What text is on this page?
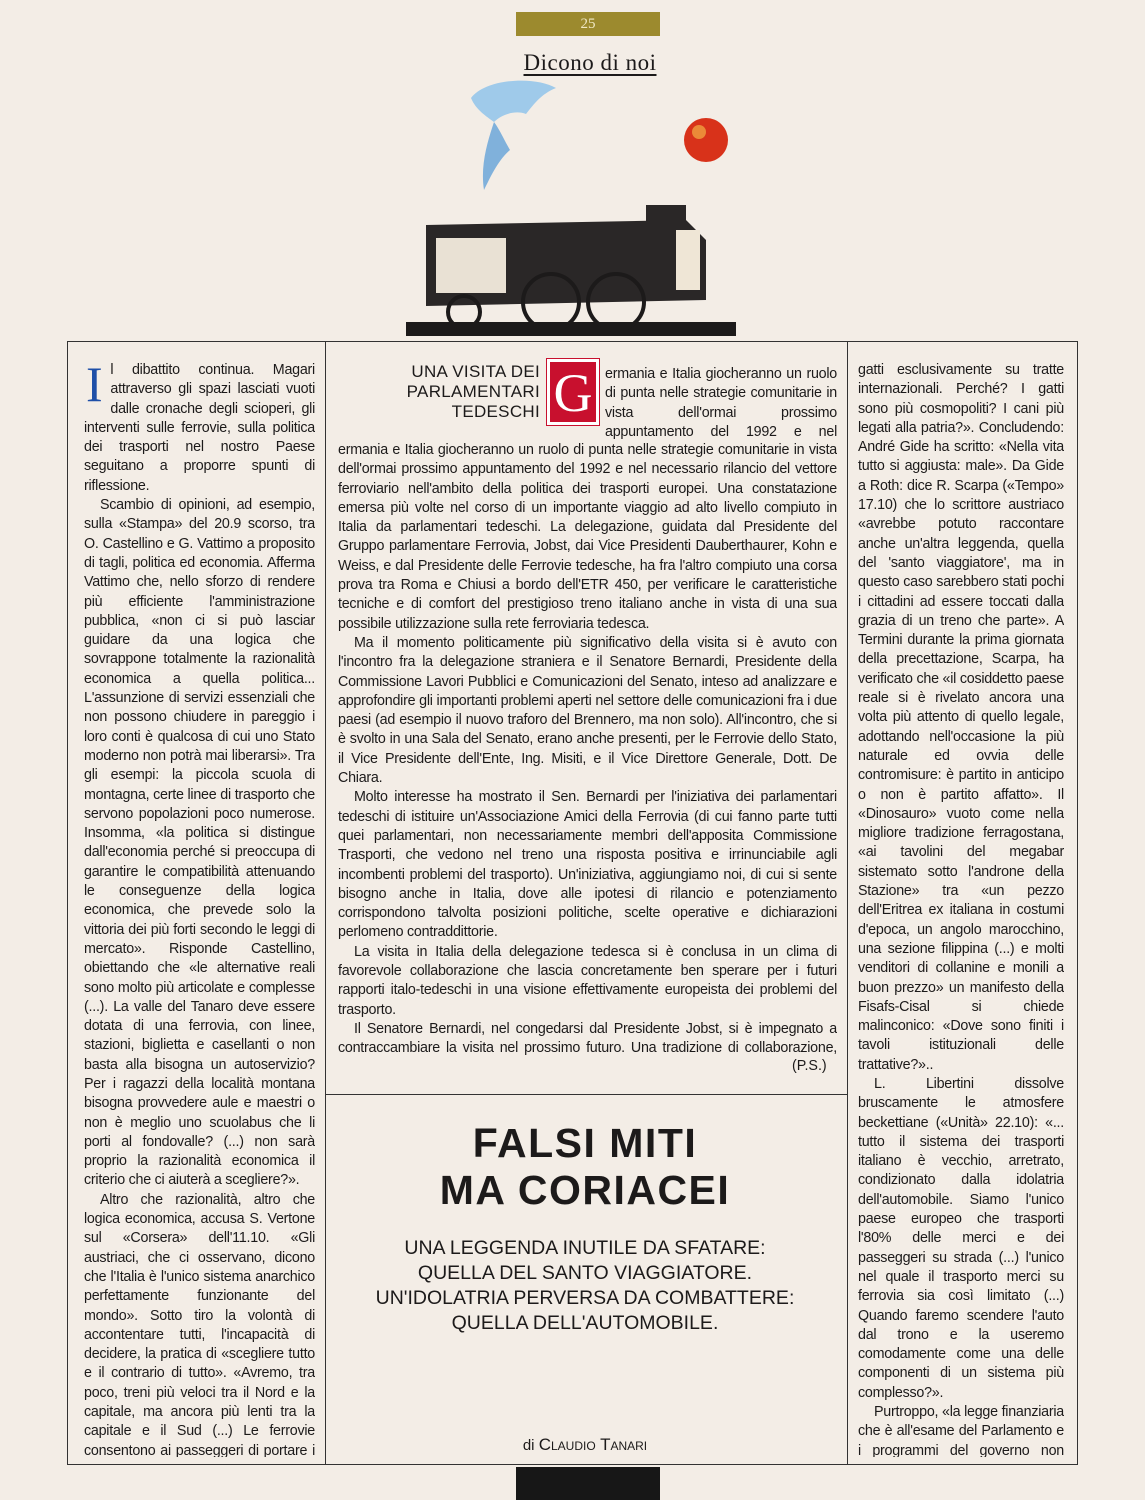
25
Dicono di noi

Il dibattito continua. Magari attraverso gli spazi lasciati vuoti dalle cronache degli scioperi, gli interventi sulle ferrovie, sulla politica dei trasporti nel nostro Paese seguitano a proporre spunti di riflessione.

Scambio di opinioni, ad esempio, sulla «Stampa» del 20.9 scorso, tra O. Castellino e G. Vattimo a proposito di tagli, politica ed economia. Afferma Vattimo che, nello sforzo di rendere più efficiente l'amministrazione pubblica, «non ci si può lasciar guidare da una logica che sovrappone totalmente la razionalità economica a quella politica... L'assunzione di servizi essenziali che non possono chiudere in pareggio i loro conti è qualcosa di cui uno Stato moderno non potrà mai liberarsi». Tra gli esempi: la piccola scuola di montagna, certe linee di trasporto che servono popolazioni poco numerose. Insomma, «la politica si distingue dall'economia perché si preoccupa di garantire le compatibilità attenuando le conseguenze della logica economica, che prevede solo la vittoria dei più forti secondo le leggi di mercato». Risponde Castellino, obiettando che «le alternative reali sono molto più articolate e complesse (...). La valle del Tanaro deve essere dotata di una ferrovia, con linee, stazioni, biglietta e casellanti o non basta alla bisogna un autoservizio? Per i ragazzi della località montana bisogna provvedere aule e maestri o non è meglio uno scuolabus che li porti al fondovalle? (...) non sarà proprio la razionalità economica il criterio che ci aiuterà a scegliere?».

Altro che razionalità, altro che logica economica, accusa S. Vertone sul «Corsera» dell'11.10. «Gli austriaci, che ci osservano, dicono che l'Italia è l'unico sistema anarchico perfettamente funzionante del mondo». Sotto tiro la volontà di accontentare tutti, l'incapacità di decidere, la pratica di «scegliere tutto e il contrario di tutto». «Avremo, tra poco, treni più veloci tra il Nord e la capitale, ma ancora più lenti tra la capitale e il Sud (...) Le ferrovie consentono ai passeggeri di portare i

UNA VISITA DEI PARLAMENTARI TEDESCHI G ermania e Italia giocheranno un ruolo di punta nelle strategie comunitarie in vista dell'ormai prossimo appuntamento del 1992 e nel

ermania e Italia giocheranno un ruolo di punta nelle strategie comunitarie in vista dell'ormai prossimo appuntamento del 1992 e nel necessario rilancio del vettore ferroviario nell'ambito della politica dei trasporti europei. Una constatazione emersa più volte nel corso di un importante viaggio ad alto livello compiuto in Italia da parlamentari tedeschi. La delegazione, guidata dal Presidente del Gruppo parlamentare Ferrovia, Jobst, dai Vice Presidenti Dauberthaurer, Kohn e Weiss, e dal Presidente delle Ferrovie tedesche, ha fra l'altro compiuto una corsa prova tra Roma e Chiusi a bordo dell'ETR 450, per verificare le caratteristiche tecniche e di comfort del prestigioso treno italiano anche in vista di una sua possibile utilizzazione sulla rete ferroviaria tedesca.

Ma il momento politicamente più significativo della visita si è avuto con l'incontro fra la delegazione straniera e il Senatore Bernardi, Presidente della Commissione Lavori Pubblici e Comunicazioni del Senato, inteso ad analizzare e approfondire gli importanti problemi aperti nel settore delle comunicazioni fra i due paesi (ad esempio il nuovo traforo del Brennero, ma non solo). All'incontro, che si è svolto in una Sala del Senato, erano anche presenti, per le Ferrovie dello Stato, il Vice Presidente dell'Ente, Ing. Misiti, e il Vice Direttore Generale, Dott. De Chiara.

Molto interesse ha mostrato il Sen. Bernardi per l'iniziativa dei parlamentari tedeschi di istituire un'Associazione Amici della Ferrovia (di cui fanno parte tutti quei parlamentari, non necessariamente membri dell'apposita Commissione Trasporti, che vedono nel treno una risposta positiva e irrinunciabile agli incombenti problemi del trasporto). Un'iniziativa, aggiungiamo noi, di cui si sente bisogno anche in Italia, dove alle ipotesi di rilancio e potenziamento corrispondono talvolta posizioni politiche, scelte operative e dichiarazioni perlomeno contraddittorie.

La visita in Italia della delegazione tedesca si è conclusa in un clima di favorevole collaborazione che lascia concretamente ben sperare per i futuri rapporti italo-tedeschi in una visione effettivamente europeista dei problemi del trasporto.

Il Senatore Bernardi, nel congedarsi dal Presidente Jobst, si è impegnato a contraccambiare la visita nel prossimo futuro. Una tradizione di collaborazione,

(P.S.)
FALSI MITI
MA CORIACEI
UNA LEGGENDA INUTILE DA SFATARE:
QUELLA DEL SANTO VIAGGIATORE.
UN'IDOLATRIA PERVERSA DA COMBATTERE:
QUELLA DELL'AUTOMOBILE.
di Claudio Tanari

gatti esclusivamente su tratte internazionali. Perché? I gatti sono più cosmopoliti? I cani più legati alla patria?». Concludendo: André Gide ha scritto: «Nella vita tutto si aggiusta: male». Da Gide a Roth: dice R. Scarpa («Tempo» 17.10) che lo scrittore austriaco «avrebbe potuto raccontare anche un'altra leggenda, quella del 'santo viaggiatore', ma in questo caso sarebbero stati pochi i cittadini ad essere toccati dalla grazia di un treno che parte». A Termini durante la prima giornata della precettazione, Scarpa, ha verificato che «il cosiddetto paese reale si è rivelato ancora una volta più attento di quello legale, adottando nell'occasione la più naturale ed ovvia delle contromisure: è partito in anticipo o non è partito affatto». Il «Dinosauro» vuoto come nella migliore tradizione ferragostana, «ai tavolini del megabar sistemato sotto l'androne della Stazione» tra «un pezzo dell'Eritrea ex italiana in costumi d'epoca, un angolo marocchino, una sezione filippina (...) e molti venditori di collanine e monili a buon prezzo» un manifesto della Fisafs-Cisal si chiede malinconico: «Dove sono finiti i tavoli istituzionali delle trattative?»..

L. Libertini dissolve bruscamente le atmosfere beckettiane («Unità» 22.10): «... tutto il sistema dei trasporti italiano è vecchio, arretrato, condizionato dalla idolatria dell'automobile. Siamo l'unico paese europeo che trasporti l'80% delle merci e dei passeggeri su strada (...) l'unico nel quale il trasporto merci su ferrovia sia così limitato (...) Quando faremo scendere l'auto dal trono e la useremo comodamente come una delle componenti di un sistema più complesso?».

Purtroppo, «la legge finanziaria che è all'esame del Parlamento e i programmi del governo non
